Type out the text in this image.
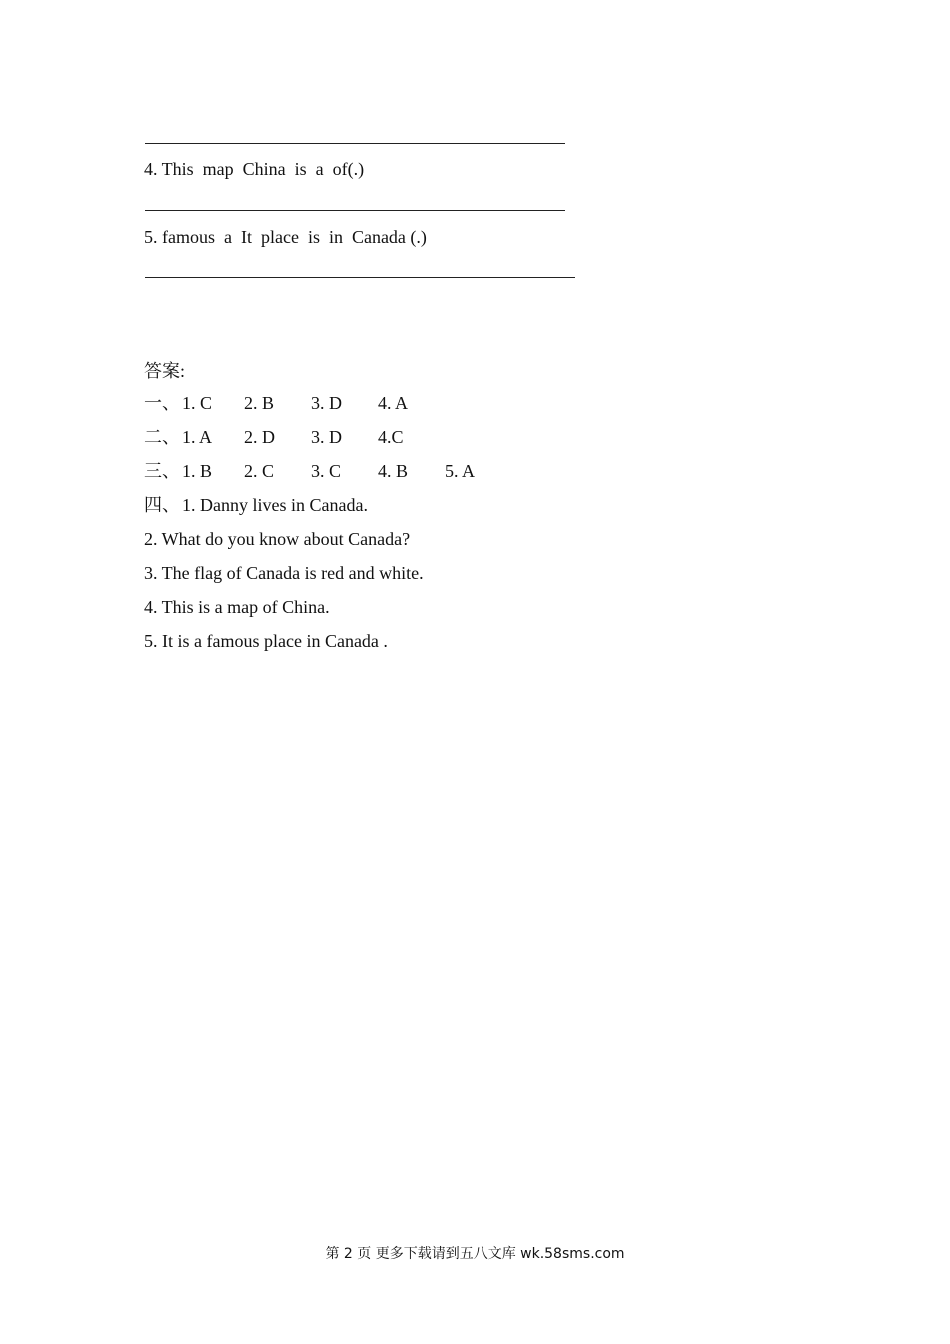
4. This  map  China  is  a  of(.)
5. famous  a  It  place  is  in  Canada (.)
答案:

一、

1. C

2. B

3. D

4. A

二、

1. A

2. D

3. D

4.C

三、

1. B

2. C

3. C

4. B

5. A

四、

1. Danny lives in Canada.

2. What do you know about Canada?
3. The flag of Canada is red and white.
4. This is a map of China.
5. It is a famous place in Canada .
第 2 页 更多下载请到五八文库 wk.58sms.com
